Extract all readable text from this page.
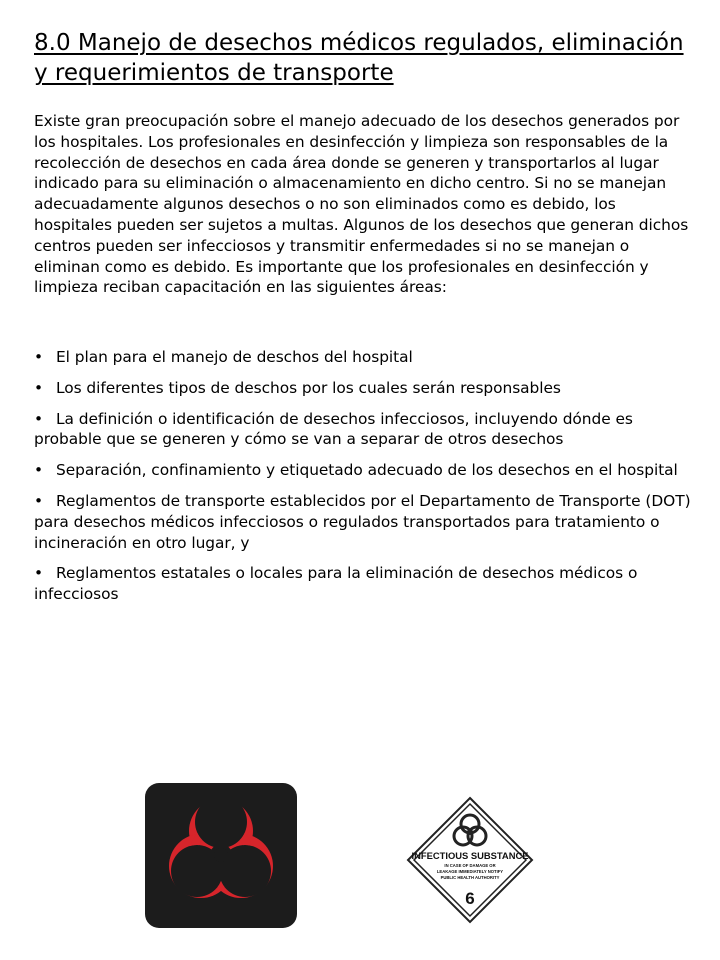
8.0 Manejo de desechos médicos regulados, eliminación y requerimientos de transporte

Existe gran preocupación sobre el manejo adecuado de los desechos generados por los hospitales. Los profesionales en desinfección y limpieza son responsables de la recolección de desechos en cada área donde se generen y transportarlos al lugar indicado para su eliminación o almacenamiento en dicho centro. Si no se manejan adecuadamente algunos desechos o no son eliminados como es debido, los hospitales pueden ser sujetos a multas. Algunos de los desechos que generan dichos centros pueden ser infecciosos y transmitir enfermedades si no se manejan o eliminan como es debido. Es importante que los profesionales en desinfección y limpieza reciban capacitación en las siguientes áreas:

• El plan para el manejo de deschos del hospital
• Los diferentes tipos de deschos por los cuales serán responsables
• La definición o identificación de desechos infecciosos, incluyendo dónde es probable que se generen y cómo se van a separar de otros desechos
• Separación, confinamiento y etiquetado adecuado de los desechos en el hospital
• Reglamentos de transporte establecidos por el Departamento de Transporte (DOT) para desechos médicos infecciosos o regulados transportados para tratamiento o incineración en otro lugar, y
• Reglamentos estatales o locales para la eliminación de desechos médicos o infecciosos
INFECTIOUS SUBSTANCE
IN CASE OF DAMAGE OR
LEAKAGE IMMEDIATELY NOTIFY
PUBLIC HEALTH AUTHORITY
6
